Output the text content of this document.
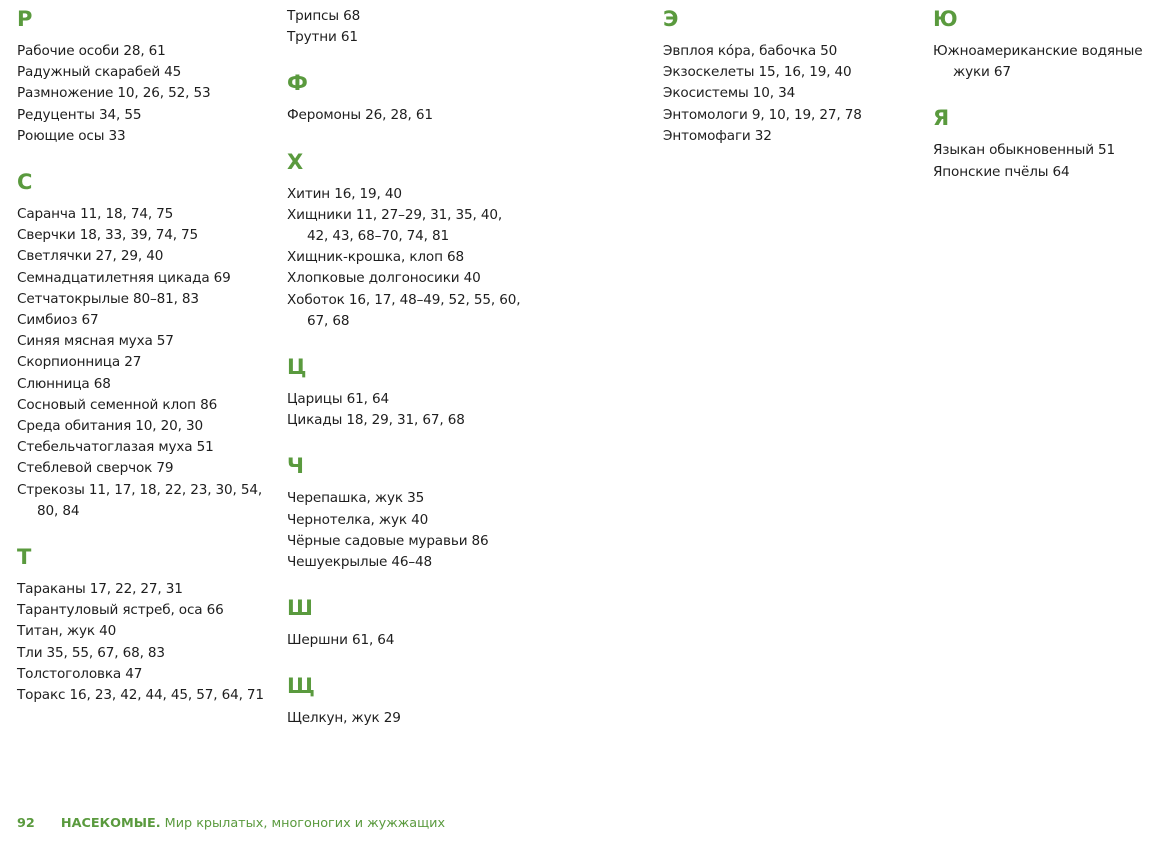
Р
Рабочие особи 28, 61
Радужный скарабей 45
Размножение 10, 26, 52, 53
Редуценты 34, 55
Роющие осы 33
С
Саранча 11, 18, 74, 75
Сверчки 18, 33, 39, 74, 75
Светлячки 27, 29, 40
Семнадцатилетняя цикада 69
Сетчатокрылые 80–81, 83
Симбиоз 67
Синяя мясная муха 57
Скорпионница 27
Слюнница 68
Сосновый семенной клоп 86
Среда обитания 10, 20, 30
Стебельчатоглазая муха 51
Стеблевой сверчок 79
Стрекозы 11, 17, 18, 22, 23, 30, 54, 80, 84
Т
Тараканы 17, 22, 27, 31
Тарантуловый ястреб, оса 66
Титан, жук 40
Тли 35, 55, 67, 68, 83
Толстоголовка 47
Торакс 16, 23, 42, 44, 45, 57, 64, 71
Трипсы 68
Трутни 61
Ф
Феромоны 26, 28, 61
Х
Хитин 16, 19, 40
Хищники 11, 27–29, 31, 35, 40, 42, 43, 68–70, 74, 81
Хищник-крошка, клоп 68
Хлопковые долгоносики 40
Хоботок 16, 17, 48–49, 52, 55, 60, 67, 68
Ц
Царицы 61, 64
Цикады 18, 29, 31, 67, 68
Ч
Черепашка, жук 35
Чернотелка, жук 40
Чёрные садовые муравьи 86
Чешуекрылые 46–48
Ш
Шершни 61, 64
Щ
Щелкун, жук 29
Э
Эвплоя ко́ра, бабочка 50
Экзоскелеты 15, 16, 19, 40
Экосистемы 10, 34
Энтомологи 9, 10, 19, 27, 78
Энтомофаги 32
Ю
Южноамериканские водяные жуки 67
Я
Языкан обыкновенный 51
Японские пчёлы 64
92 НАСЕКОМЫЕ. Мир крылатых, многоногих и жужжащих
